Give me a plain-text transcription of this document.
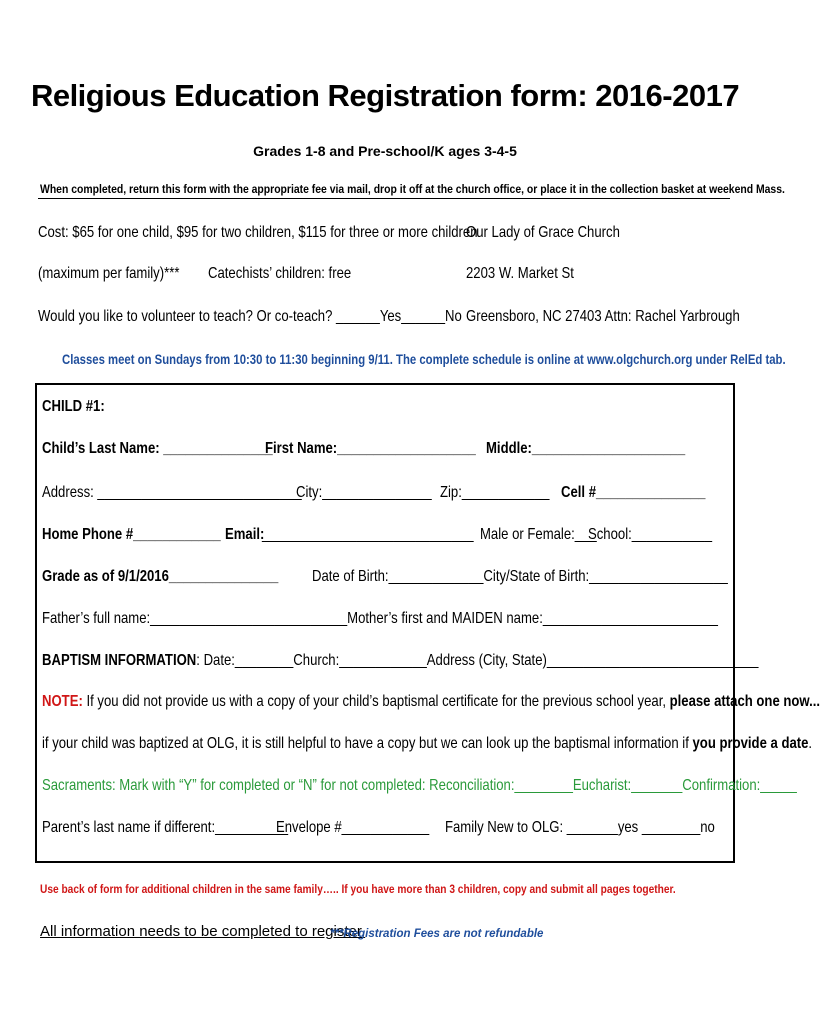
Religious Education Registration form: 2016-2017
Grades 1-8 and Pre-school/K ages 3-4-5
When completed, return this form with the appropriate fee via mail, drop it off at the church office, or place it in the collection basket at weekend Mass.
Cost: $65 for one child, $95 for two children, $115 for three or more children
(maximum per family)*** Catechists’ children: free
Would you like to volunteer to teach? Or co-teach? ______Yes______No
Our Lady of Grace Church
2203 W. Market St
Greensboro, NC 27403 Attn: Rachel Yarbrough
Classes meet on Sundays from 10:30 to 11:30 beginning 9/11. The complete schedule is online at www.olgchurch.org under RelEd tab.
CHILD #1:
Child’s Last Name: _______________
First Name:___________________ Middle:_____________________
Address: ____________________________
City:_______________ Zip:____________ Cell #_______________
Home Phone #____________ Email:
_____________________________ Male or Female:___
School:___________
Grade as of 9/1/2016_______________ Date of Birth:_____________City/State of Birth:___________________
Father’s full name:___________________________Mother’s first and MAIDEN name:________________________
BAPTISM INFORMATION: Date:________Church:____________Address (City, State)_____________________________
NOTE: If you did not provide us with a copy of your child’s baptismal certificate for the previous school year, please attach one now...
if your child was baptized at OLG, it is still helpful to have a copy but we can look up the baptismal information if you provide a date.
Sacraments: Mark with “Y” for completed or “N” for not completed: Reconciliation:________Eucharist:_______Confirmation:_____
Parent’s last name if different:__________
Envelope #____________ Family New to OLG: _______yes ________no
Use back of form for additional children in the same family….. If you have more than 3 children, copy and submit all pages together.
All information needs to be completed to register.
***Registration Fees are not refundable
